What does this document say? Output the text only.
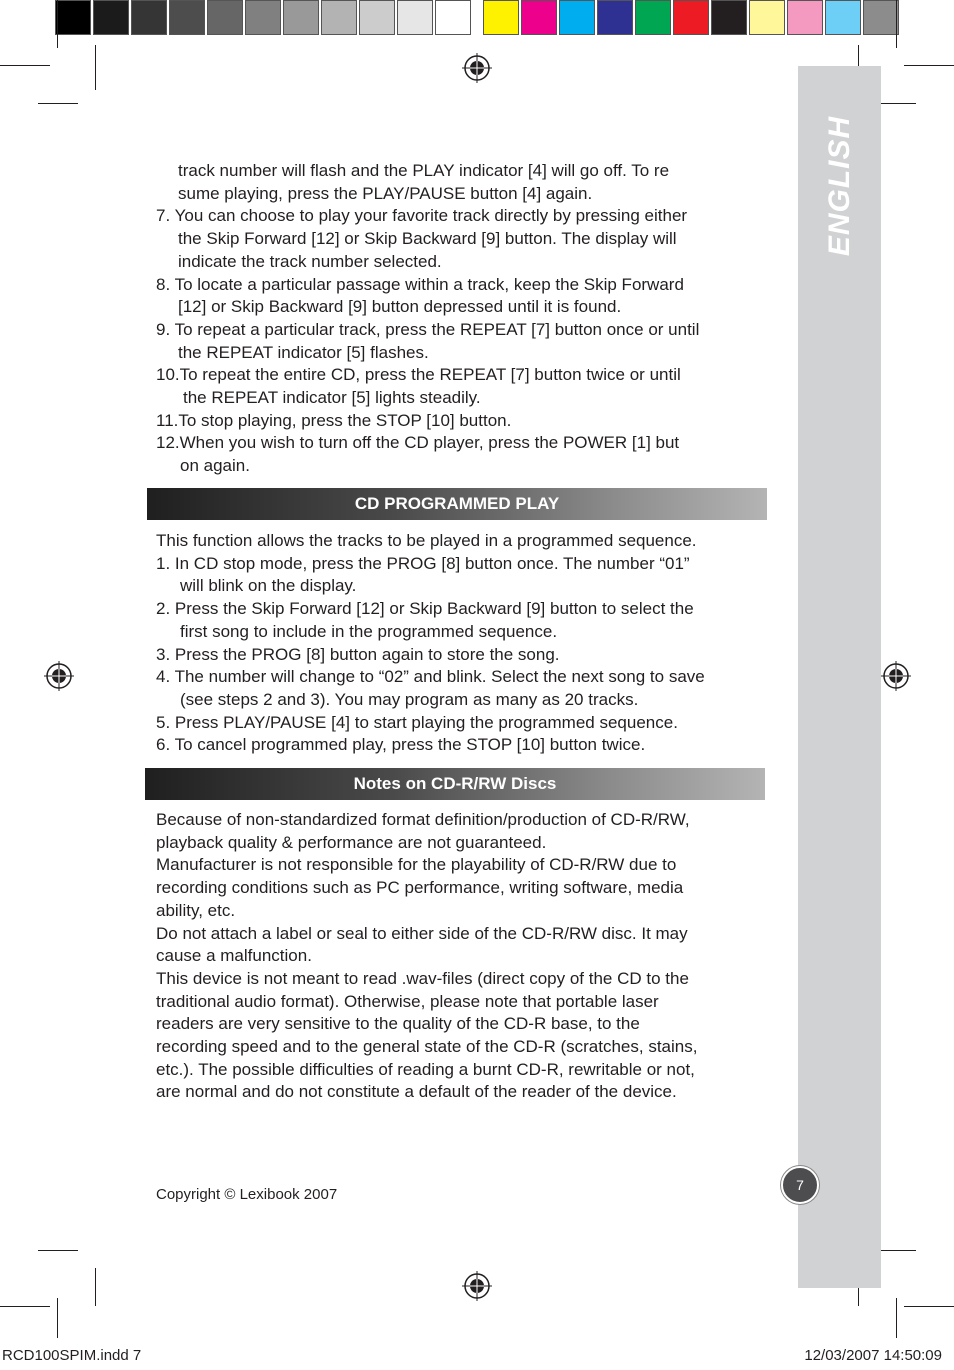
ENGLISH

track number will flash and the PLAY indicator [4] will go off. To re

sume playing, press the PLAY/PAUSE button [4] again.

7. You can choose to play your favorite track directly by pressing either

the Skip Forward [12] or Skip Backward [9] button. The display will

indicate the track number selected.

8. To locate a particular passage within a track, keep the Skip Forward

[12] or Skip Backward [9] button depressed until it is found.

9. To repeat a particular track, press the REPEAT [7] button once or until

the REPEAT indicator [5] flashes.

10.To repeat the entire CD, press the REPEAT [7] button twice or until

the REPEAT indicator [5] lights steadily.

11.To stop playing, press the STOP [10] button.

12.When you wish to turn off the CD player, press the POWER [1] but

on again.

CD PROGRAMMED PLAY

This function allows the tracks to be played in a programmed sequence.

1. In CD stop mode, press the PROG [8] button once. The number “01”

will blink on the display.

2. Press the Skip Forward [12] or Skip Backward [9] button to select the

first song to include in the programmed sequence.

3. Press the PROG [8] button again to store the song.

4. The number will change to “02” and blink. Select the next song to save

(see steps 2 and 3). You may program as many as 20 tracks.

5. Press PLAY/PAUSE [4] to start playing the programmed sequence.

6. To cancel programmed play, press the STOP [10] button twice.

Notes on CD-R/RW Discs

Because of non-standardized format definition/production of CD-R/RW,

playback quality & performance are not guaranteed.

Manufacturer is not responsible for the playability of CD-R/RW due to

recording conditions such as PC performance, writing software, media

ability, etc.

Do not attach a label or seal to either side of the CD-R/RW disc. It may

cause a malfunction.

This device is not meant to read .wav-files (direct copy of the CD to the

traditional audio format). Otherwise, please note that portable laser

readers are very sensitive to the quality of the CD-R base, to the

recording speed and to the general state of the CD-R (scratches, stains,

etc.). The possible difficulties of reading a burnt CD-R, rewritable or not,

are normal and do not constitute a default of the reader of the device.

Copyright © Lexibook 2007
7
RCD100SPIM.indd 7	12/03/2007 14:50:09
